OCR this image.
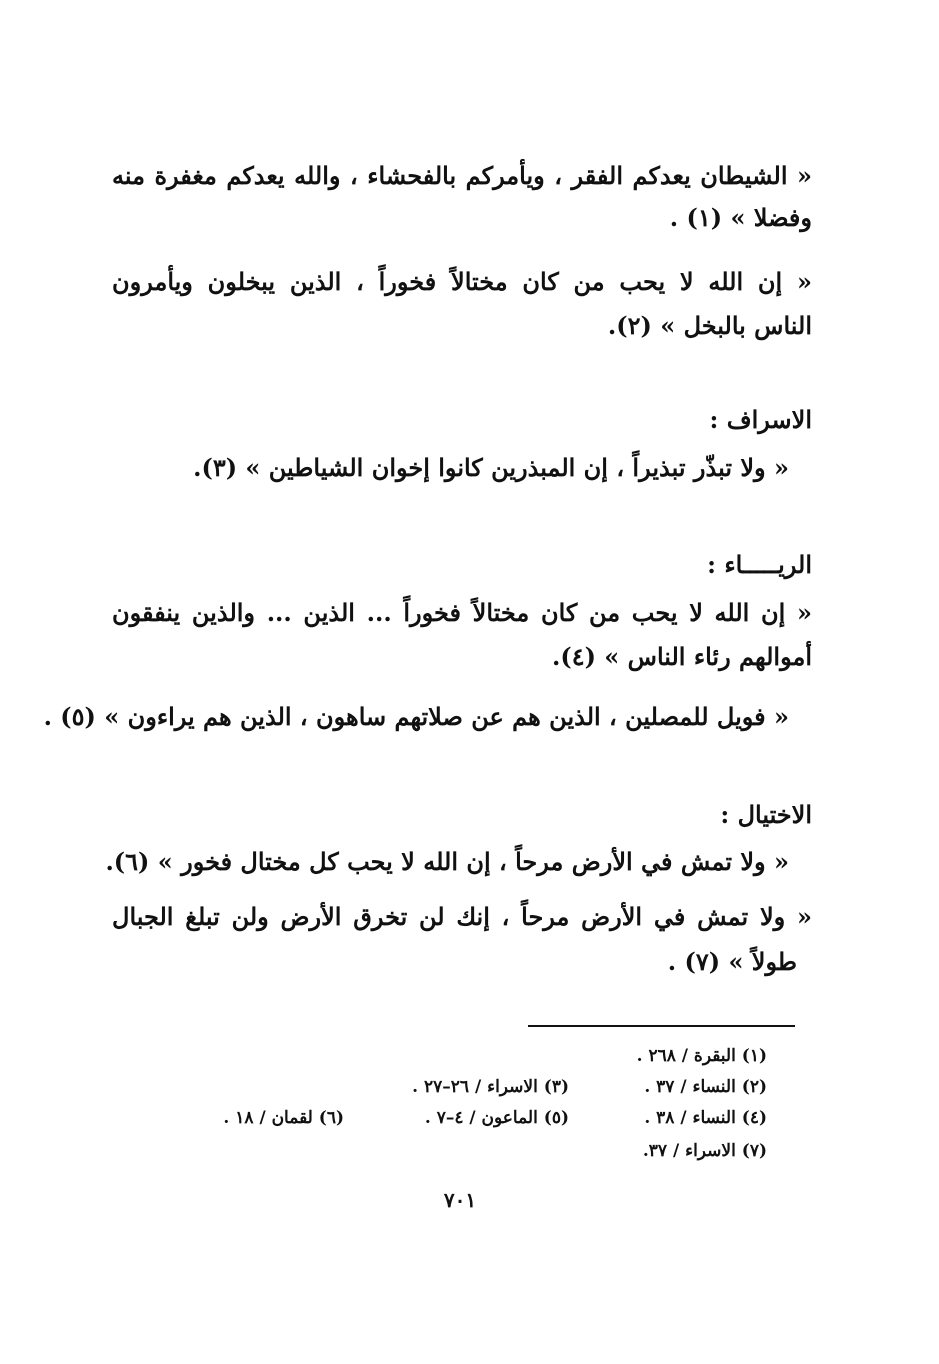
« الشيطان يعدكم الفقر ، ويأمركم بالفحشاء ، والله يعدكم مغفرة منه
وفضلا » (١) .
« إن الله لا يحب من كان مختالاً فخوراً ، الذين يبخلون ويأمرون
الناس بالبخل » (٢).
الاسراف :
« ولا تبذّر تبذيراً ، إن المبذرين كانوا إخوان الشياطين » (٣).
الريـــــاء :
« إن الله لا يحب من كان مختالاً فخوراً ... الذين ... والذين ينفقون
أموالهم رئاء الناس » (٤).
« فويل للمصلين ، الذين هم عن صلاتهم ساهون ، الذين هم يراءون » (٥) .
الاختيال :
« ولا تمش في الأرض مرحاً ، إن الله لا يحب كل مختال فخور » (٦).
« ولا تمش في الأرض مرحاً ، إنك لن تخرق الأرض ولن تبلغ الجبال
طولاً » (٧) .
(١) البقرة / ٢٦٨ .
(٢) النساء / ٣٧ .
(٣) الاسراء / ٢٦–٢٧ .
(٤) النساء / ٣٨ .
(٥) الماعون / ٤–٧ .
(٦) لقمان / ١٨ .
(٧) الاسراء / ٣٧.
٧٠١
